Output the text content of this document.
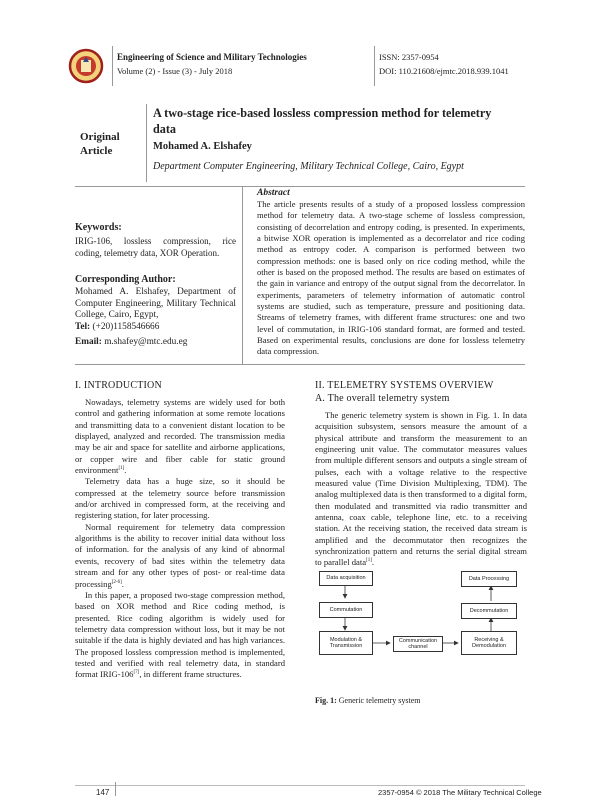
Engineering of Science and Military Technologies
Volume (2) - Issue (3) - July 2018
ISSN: 2357-0954
DOI: 110.21608/ejmtc.2018.939.1041
Original
Article
A two-stage rice-based lossless compression method for telemetry
data
Mohamed A. Elshafey
Department Computer Engineering, Military Technical College, Cairo, Egypt
Keywords:
IRIG-106, lossless compression, rice coding, telemetry data, XOR Operation.
Corresponding Author:
Mohamed A. Elshafey, Department of Computer Engineering, Military Technical College, Cairo, Egypt,
Tel: (+20)1158546666
Email: m.shafey@mtc.edu.eg
Abstract
The article presents results of a study of a proposed lossless compression method for telemetry data. A two-stage scheme of lossless compression, consisting of decorrelation and entropy coding, is presented. In experiments, a bitwise XOR operation is implemented as a decorrelator and rice coding method as entropy coder. A comparison is performed between two compression methods: one is based only on rice coding method, while the other is based on the proposed method. The results are based on estimates of the gain in variance and entropy of the output signal from the decorrelator. In experiments, parameters of telemetry information of automatic control systems are studied, such as temperature, pressure and positioning data. Streams of telemetry frames, with different frame structures: one and two level of commutation, in IRIG-106 standard format, are formed and tested. Based on experimental results, conclusions are done for lossless telemetry data compression.
I. INTRODUCTION

Nowadays, telemetry systems are widely used for both control and gathering information at some remote locations and transmitting data to a convenient distant location to be displayed, analyzed and recorded. The transmission media may be air and space for satellite and airborne applications, or copper wire and fiber cable for static ground environment[1].

Telemetry data has a huge size, so it should be compressed at the telemetry source before transmission and/or archived in compressed form, at the receiving and registering station, for later processing.

Normal requirement for telemetry data compression algorithms is the ability to recover initial data without loss of information. for the analysis of any kind of abnormal events, recovery of bad sites within the telemetry data stream and for any other types of post- or real-time data processing[2-6].

In this paper, a proposed two-stage compression method, based on XOR method and Rice coding method, is presented. Rice coding algorithm is widely used for telemetry data compression without loss, but it may be not suitable if the data is highly deviated and has high variances. The proposed lossless compression method is implemented, tested and verified with real telemetry data, in standard format IRIG-106[7], in different frame structures.

II. TELEMETRY SYSTEMS OVERVIEW
A. The overall telemetry system

The generic telemetry system is shown in Fig. 1. In data acquisition subsystem, sensors measure the amount of a physical attribute and transform the measurement to an engineering unit value. The commutator measures values from multiple different sensors and outputs a single stream of pulses, each with a voltage relative to the respective measured value (Time Division Multiplexing, TDM). The analog multiplexed data is then transformed to a digital form, then modulated and transmitted via radio transmitter and antenna, coax cable, telephone line, etc. to a receiving station. At the receiving station, the received data stream is amplified and the decommutator then recognizes the synchronization pattern and returns the serial digital stream to parallel data[1].

Data acquisition
Commutation
Modulation & Transmission
Communication channel
Receiving & Demodulation
Decommutation
Data Processing
Fig. 1: Generic telemetry system
147	2357-0954 © 2018 The Military Technical College
